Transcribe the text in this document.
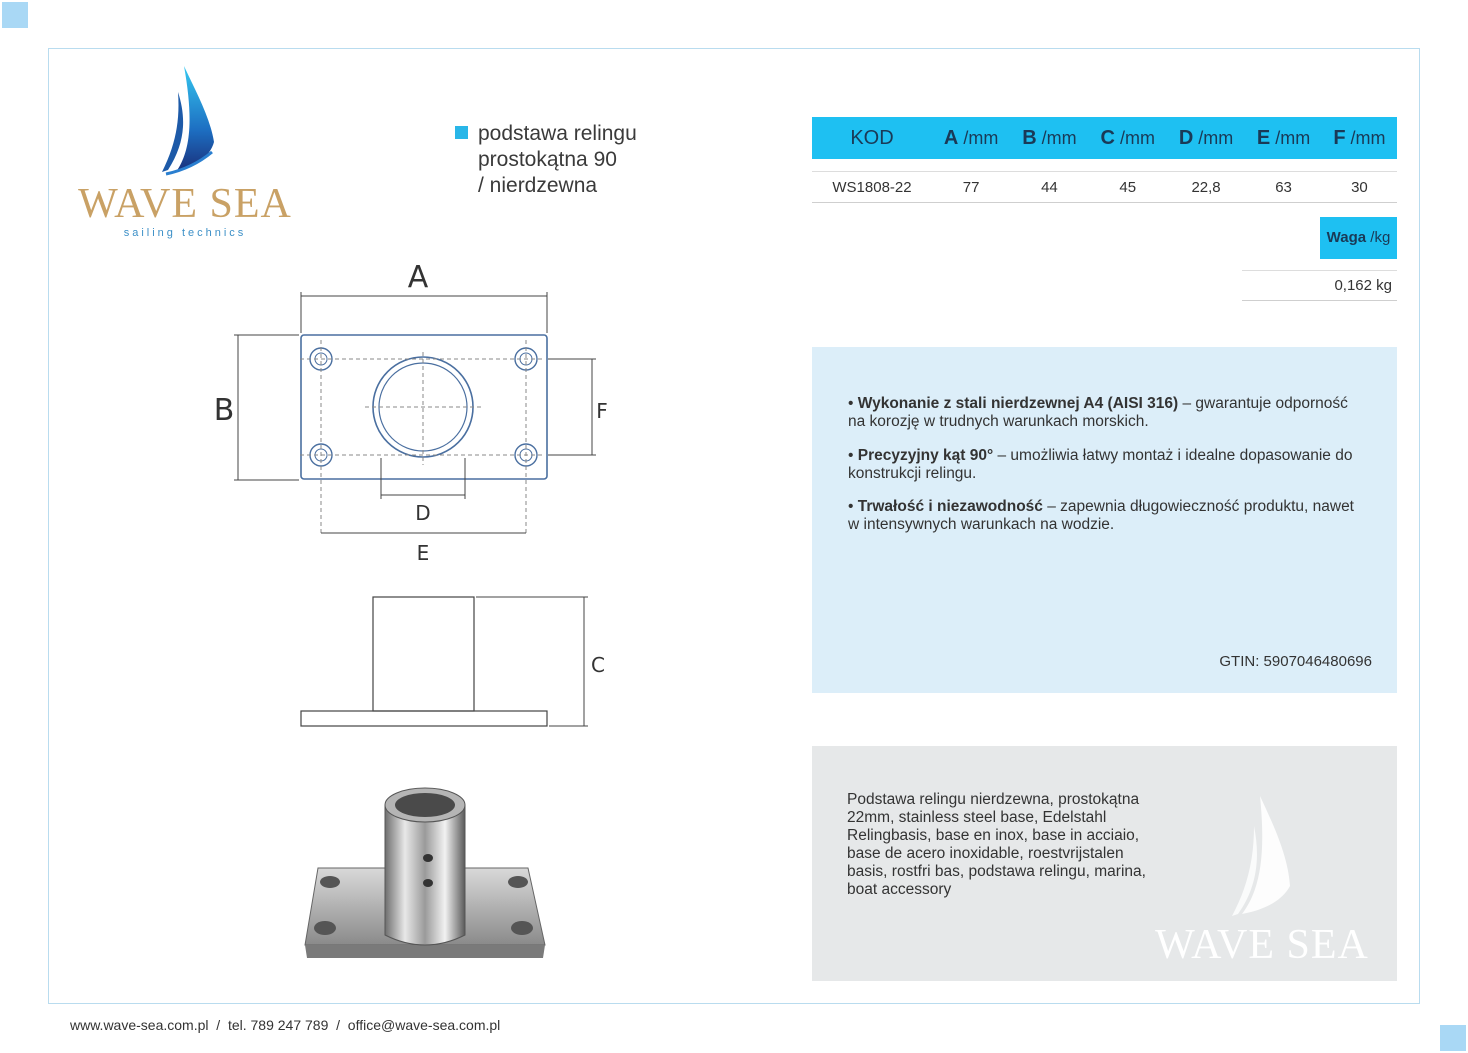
WAVE SEA
sailing technics
podstawa relingu
prostokątna 90
/ nierdzewna
KOD	A /mm	B /mm	C /mm	D /mm	E /mm	F /mm

WS1808-22	77	44	45	22,8	63	30
Waga /kg
0,162 kg
A
B	F
D
E
C
• Wykonanie z stali nierdzewnej A4 (AISI 316) – gwarantuje odporność na korozję w trudnych warunkach morskich.
• Precyzyjny kąt 90° – umożliwia łatwy montaż i idealne dopasowanie do konstrukcji relingu.
• Trwałość i niezawodność – zapewnia długowieczność produktu, nawet w intensywnych warunkach na wodzie.
GTIN: 5907046480696
Podstawa relingu nierdzewna, prostokątna 22mm, stainless steel base, Edelstahl Relingbasis, base en inox, base in acciaio, base de acero inoxidable, roestvrijstalen basis, rostfri bas, podstawa relingu, marina, boat accessory
WAVE SEA
www.wave-sea.com.pl  /  tel. 789 247 789  /  office@wave-sea.com.pl
